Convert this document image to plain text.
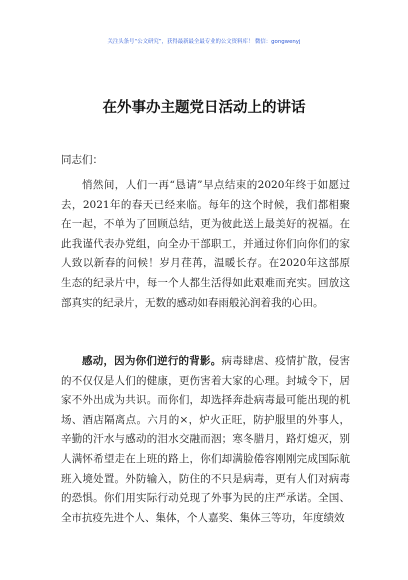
关注头条号“公文研究”，获得最新最全最专业的公文资料库！ 微信：gongwenyj
在外事办主题党日活动上的讲话
同志们：

悄然间，人们一再“恳请”早点结束的2020年终于如愿过去，2021年的春天已经来临。每年的这个时候，我们都相聚在一起，不单为了回顾总结，更为彼此送上最美好的祝福。在此我谨代表办党组，向全办干部职工，并通过你们向你们的家人致以新春的问候！岁月荏苒，温暖长存。在2020年这部原生态的纪录片中，每一个人都生活得如此艰难而充实。回放这部真实的纪录片，无数的感动如春雨般沁润着我的心田。

感动，因为你们逆行的背影。病毒肆虐、疫情扩散，侵害的不仅仅是人们的健康，更伤害着大家的心理。封城令下，居家不外出成为共识。而你们，却选择奔赴病毒最可能出现的机场、酒店隔离点。六月的×，炉火正旺，防护服里的外事人，辛勤的汗水与感动的泪水交融而洇；寒冬腊月，路灯熄灭，别人满怀希望走在上班的路上，你们却满脸倦容刚刚完成国际航班入境处置。外防输入，防住的不只是病毒，更有人们对病毒的恐惧。你们用实际行动兑现了外事为民的庄严承诺。全国、全市抗疫先进个人、集体，个人嘉奖、集体三等功，年度绩效
